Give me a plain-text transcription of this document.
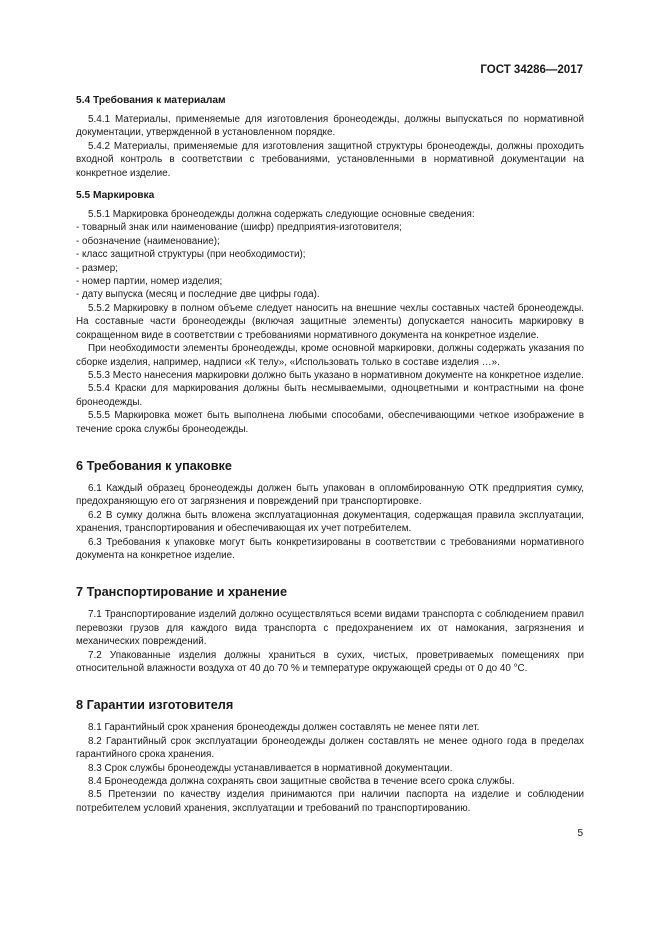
ГОСТ 34286—2017
5.4 Требования к материалам

5.4.1 Материалы, применяемые для изготовления бронеодежды, должны выпускаться по нормативной документации, утвержденной в установленном порядке.

5.4.2 Материалы, применяемые для изготовления защитной структуры бронеодежды, должны проходить входной контроль в соответствии с требованиями, установленными в нормативной документации на конкретное изделие.

5.5 Маркировка

5.5.1 Маркировка бронеодежды должна содержать следующие основные сведения:

- товарный знак или наименование (шифр) предприятия-изготовителя;

- обозначение (наименование);

- класс защитной структуры (при необходимости);

- размер;

- номер партии, номер изделия;

- дату выпуска (месяц и последние две цифры года).

5.5.2 Маркировку в полном объеме следует наносить на внешние чехлы составных частей бронеодежды. На составные части бронеодежды (включая защитные элементы) допускается наносить маркировку в сокращенном виде в соответствии с требованиями нормативного документа на конкретное изделие.

При необходимости элементы бронеодежды, кроме основной маркировки, должны содержать указания по сборке изделия, например, надписи «К телу», «Использовать только в составе изделия …».

5.5.3 Место нанесения маркировки должно быть указано в нормативном документе на конкретное изделие.

5.5.4 Краски для маркирования должны быть несмываемыми, одноцветными и контрастными на фоне бронеодежды.

5.5.5 Маркировка может быть выполнена любыми способами, обеспечивающими четкое изображение в течение срока службы бронеодежды.

6 Требования к упаковке

6.1 Каждый образец бронеодежды должен быть упакован в опломбированную ОТК предприятия сумку, предохраняющую его от загрязнения и повреждений при транспортировке.

6.2 В сумку должна быть вложена эксплуатационная документация, содержащая правила эксплуатации, хранения, транспортирования и обеспечивающая их учет потребителем.

6.3 Требования к упаковке могут быть конкретизированы в соответствии с требованиями нормативного документа на конкретное изделие.

7 Транспортирование и хранение

7.1 Транспортирование изделий должно осуществляться всеми видами транспорта с соблюдением правил перевозки грузов для каждого вида транспорта с предохранением их от намокания, загрязнения и механических повреждений.

7.2 Упакованные изделия должны храниться в сухих, чистых, проветриваемых помещениях при относительной влажности воздуха от 40 до 70 % и температуре окружающей среды от 0 до 40 °С.

8 Гарантии изготовителя

8.1 Гарантийный срок хранения бронеодежды должен составлять не менее пяти лет.

8.2 Гарантийный срок эксплуатации бронеодежды должен составлять не менее одного года в пределах гарантийного срока хранения.

8.3 Срок службы бронеодежды устанавливается в нормативной документации.

8.4 Бронеодежда должна сохранять свои защитные свойства в течение всего срока службы.

8.5 Претензии по качеству изделия принимаются при наличии паспорта на изделие и соблюдении потребителем условий хранения, эксплуатации и требований по транспортированию.

5
